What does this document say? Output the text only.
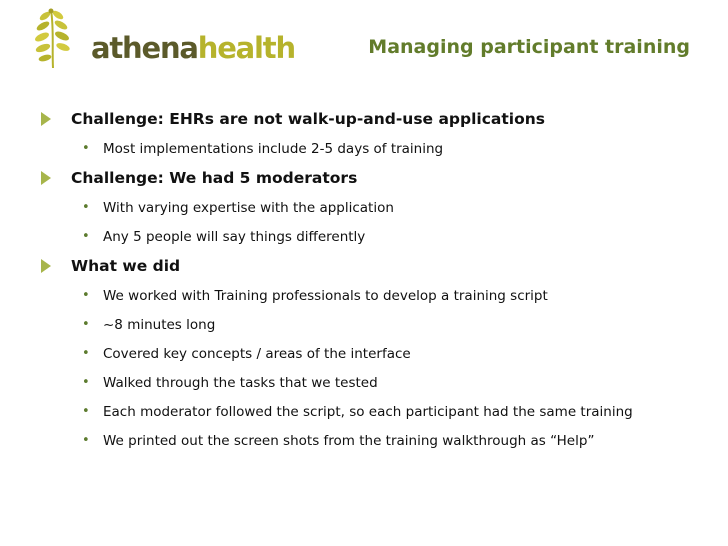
athenahealth	Managing participant training
Challenge: EHRs are not walk-up-and-use applications
• Most implementations include 2-5 days of training
Challenge: We had 5 moderators
• With varying expertise with the application
• Any 5 people will say things differently
What we did
• We worked with Training professionals to develop a training script
• ~8 minutes long
• Covered key concepts / areas of the interface
• Walked through the tasks that we tested
• Each moderator followed the script, so each participant had the same training
• We printed out the screen shots from the training walkthrough as “Help”
